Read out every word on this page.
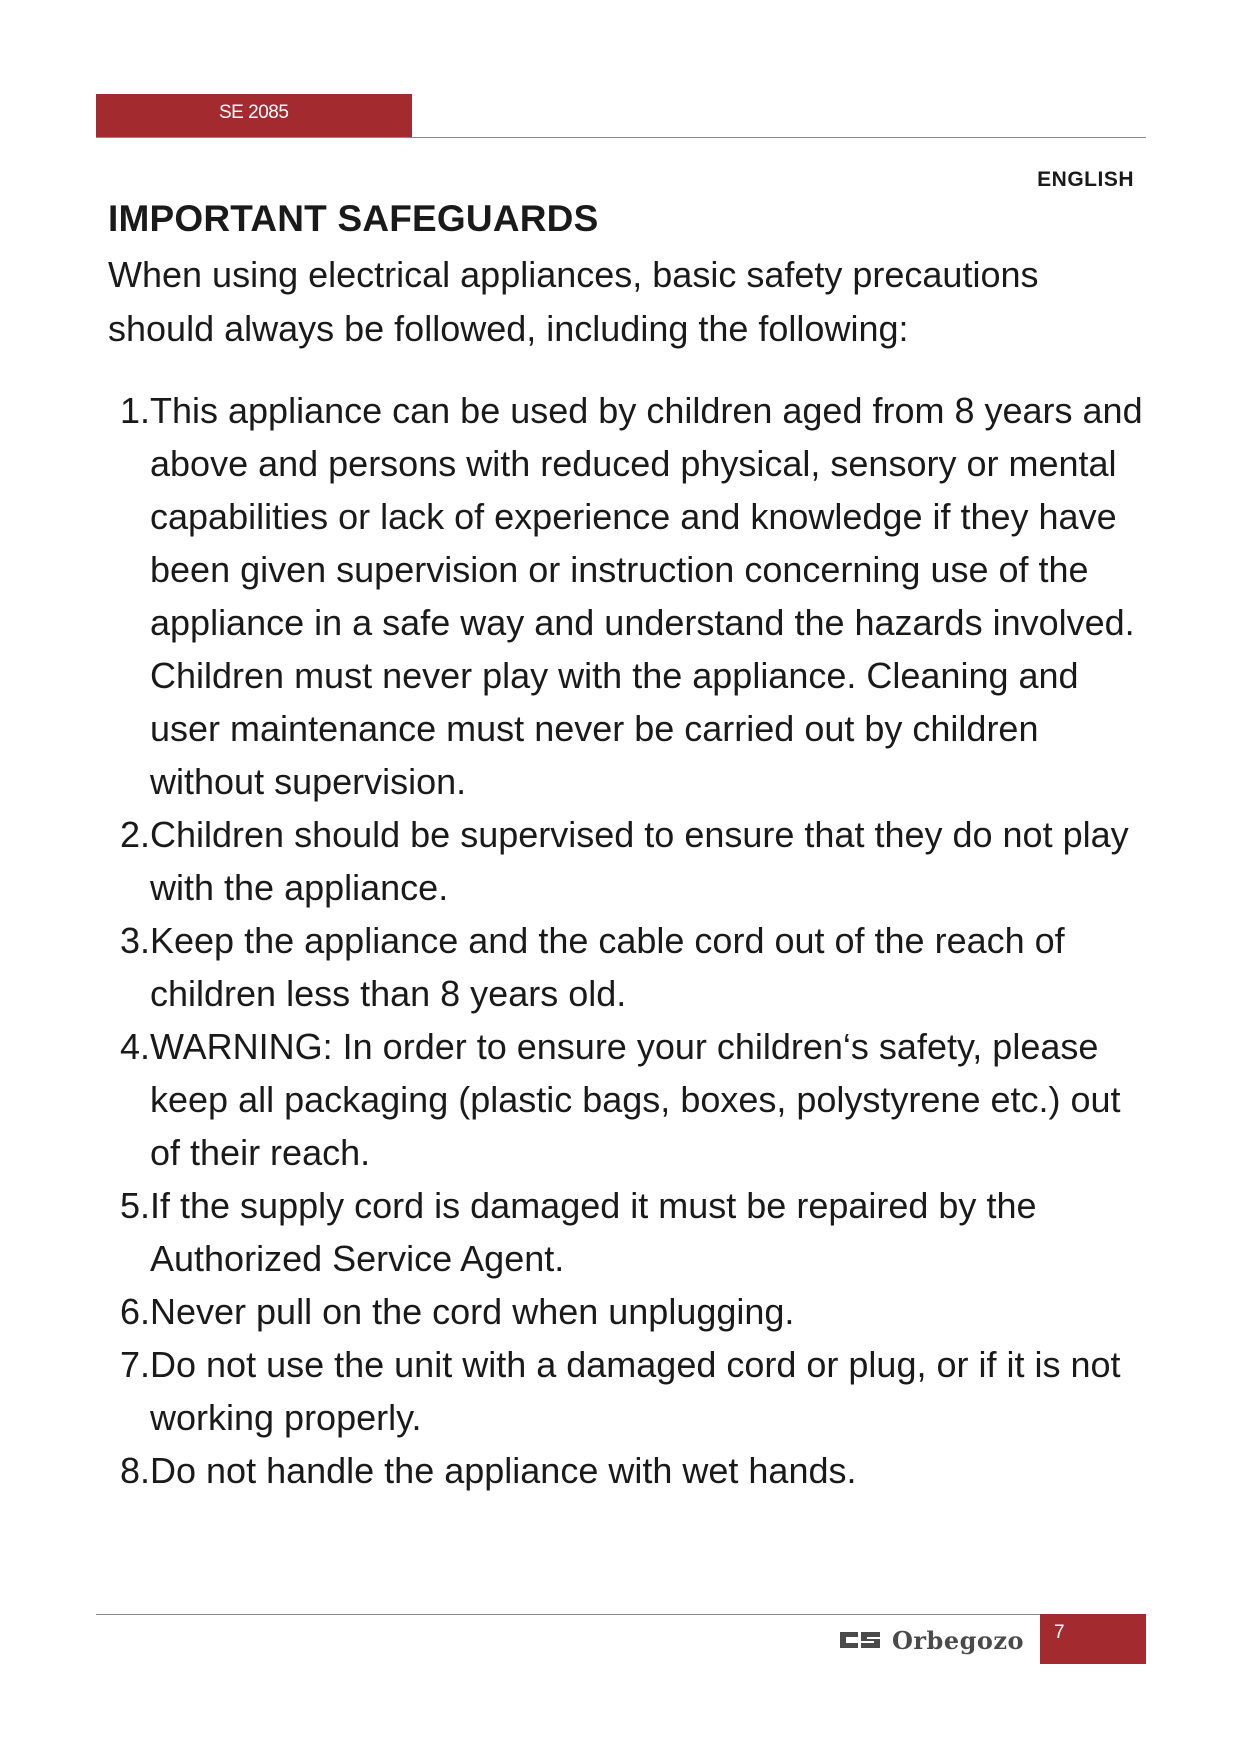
SE 2085
ENGLISH
IMPORTANT SAFEGUARDS

When using electrical appliances, basic safety precautions should always be followed, including the following:

1. This appliance can be used by children aged from 8 years and above and persons with reduced physical, sensory or mental capabilities or lack of experience and knowledge if they have been given supervision or instruction concerning use of the appliance in a safe way and understand the hazards involved. Children must never play with the appliance. Cleaning and user maintenance must never be carried out by children without supervision.
2. Children should be supervised to ensure that they do not play with the appliance.
3. Keep the appliance and the cable cord out of the reach of children less than 8 years old.
4. WARNING: In order to ensure your children‘s safety, please keep all packaging (plastic bags, boxes, polystyrene etc.) out of their reach.
5. If the supply cord is damaged it must be repaired by the Authorized Service Agent.
6. Never pull on the cord when unplugging.
7. Do not use the unit with a damaged cord or plug, or if it is not working properly.
8. Do not handle the appliance with wet hands.
Orbegozo 7
